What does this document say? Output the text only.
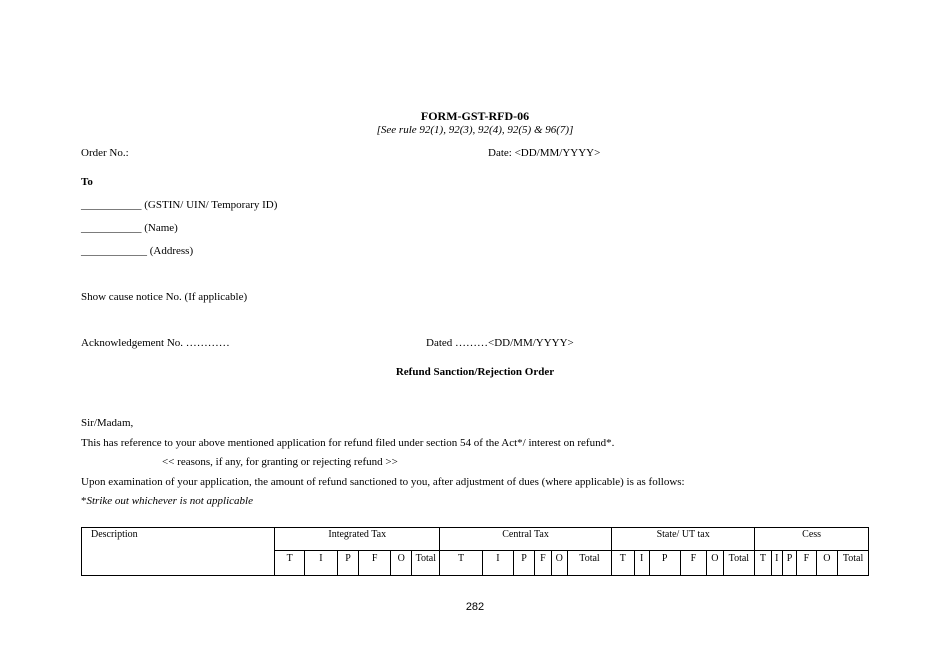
FORM-GST-RFD-06
[See rule 92(1), 92(3), 92(4), 92(5) & 96(7)]
Order No.:	Date: <DD/MM/YYYY>
To
___________ (GSTIN/ UIN/ Temporary ID)
___________ (Name)
____________ (Address)
Show cause notice No. (If applicable)
Acknowledgement No. …………	Dated ………<DD/MM/YYYY>
Refund Sanction/Rejection Order
Sir/Madam,
This has reference to your above mentioned application for refund filed under section 54 of the Act*/ interest on refund*.
<< reasons, if any, for granting or rejecting refund >>
Upon examination of your application, the amount of refund sanctioned to you, after adjustment of dues (where applicable) is as follows:
*Strike out whichever is not applicable
Description	Integrated Tax						Central Tax						State/ UT tax						Cess					
	T	I	P	F	O	Total	T	I	P	F	O	Total	T	I	P	F	O	Total	T	I	P	F	O	Total
282
